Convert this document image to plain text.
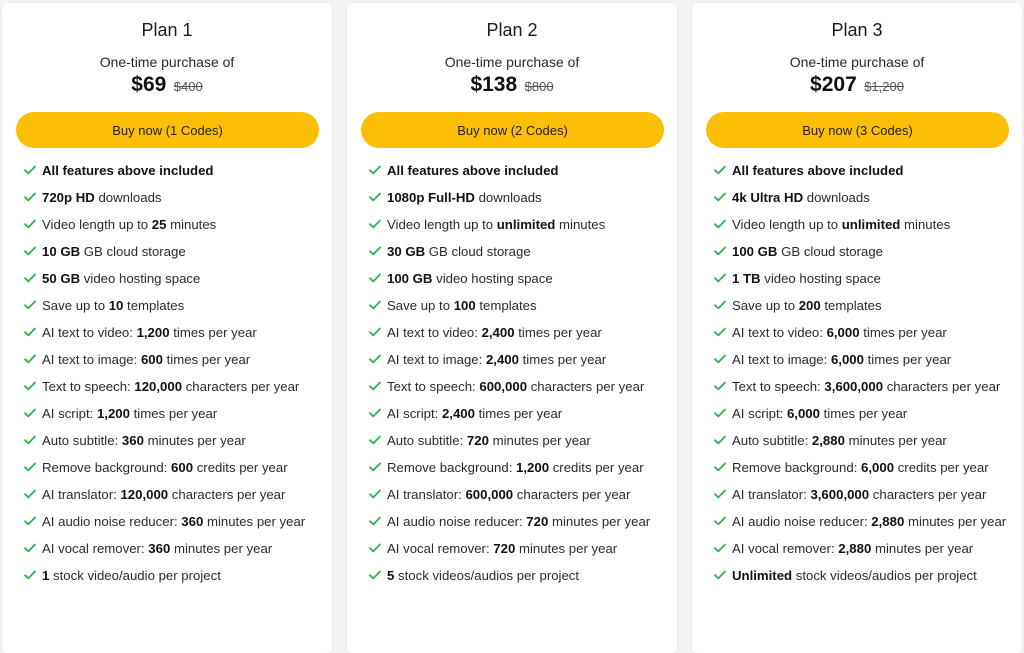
Plan 1
One-time purchase of
$69 $400
Buy now (1 Codes)
All features above included
720p HD downloads
Video length up to 25 minutes
10 GB GB cloud storage
50 GB video hosting space
Save up to 10 templates
AI text to video: 1,200 times per year
AI text to image: 600 times per year
Text to speech: 120,000 characters per year
AI script: 1,200 times per year
Auto subtitle: 360 minutes per year
Remove background: 600 credits per year
AI translator: 120,000 characters per year
AI audio noise reducer: 360 minutes per year
AI vocal remover: 360 minutes per year
1 stock video/audio per project
Plan 2
One-time purchase of
$138 $800
Buy now (2 Codes)
All features above included
1080p Full-HD downloads
Video length up to unlimited minutes
30 GB GB cloud storage
100 GB video hosting space
Save up to 100 templates
AI text to video: 2,400 times per year
AI text to image: 2,400 times per year
Text to speech: 600,000 characters per year
AI script: 2,400 times per year
Auto subtitle: 720 minutes per year
Remove background: 1,200 credits per year
AI translator: 600,000 characters per year
AI audio noise reducer: 720 minutes per year
AI vocal remover: 720 minutes per year
5 stock videos/audios per project
Plan 3
One-time purchase of
$207 $1,200
Buy now (3 Codes)
All features above included
4k Ultra HD downloads
Video length up to unlimited minutes
100 GB GB cloud storage
1 TB video hosting space
Save up to 200 templates
AI text to video: 6,000 times per year
AI text to image: 6,000 times per year
Text to speech: 3,600,000 characters per year
AI script: 6,000 times per year
Auto subtitle: 2,880 minutes per year
Remove background: 6,000 credits per year
AI translator: 3,600,000 characters per year
AI audio noise reducer: 2,880 minutes per year
AI vocal remover: 2,880 minutes per year
Unlimited stock videos/audios per project
